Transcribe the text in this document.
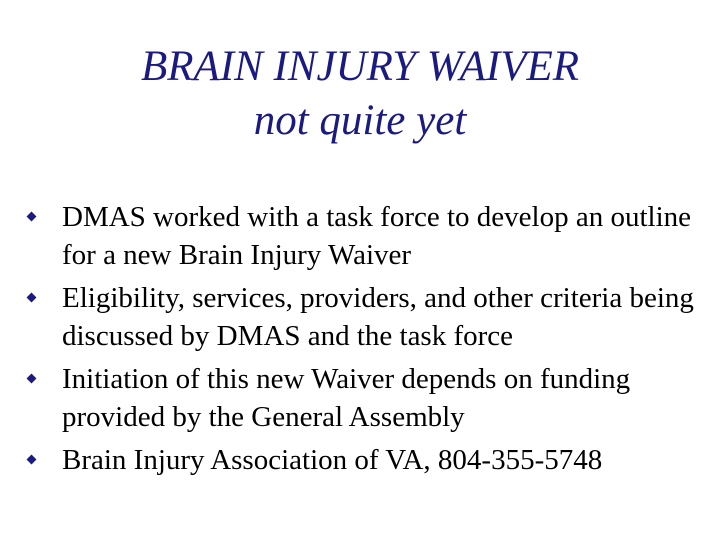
BRAIN INJURY WAIVER
not quite yet
DMAS worked with a task force to develop an outline for a new Brain Injury Waiver
Eligibility, services, providers, and other criteria being discussed by DMAS and the task force
Initiation of this new Waiver depends on funding provided by the General Assembly
Brain Injury Association of VA, 804-355-5748
